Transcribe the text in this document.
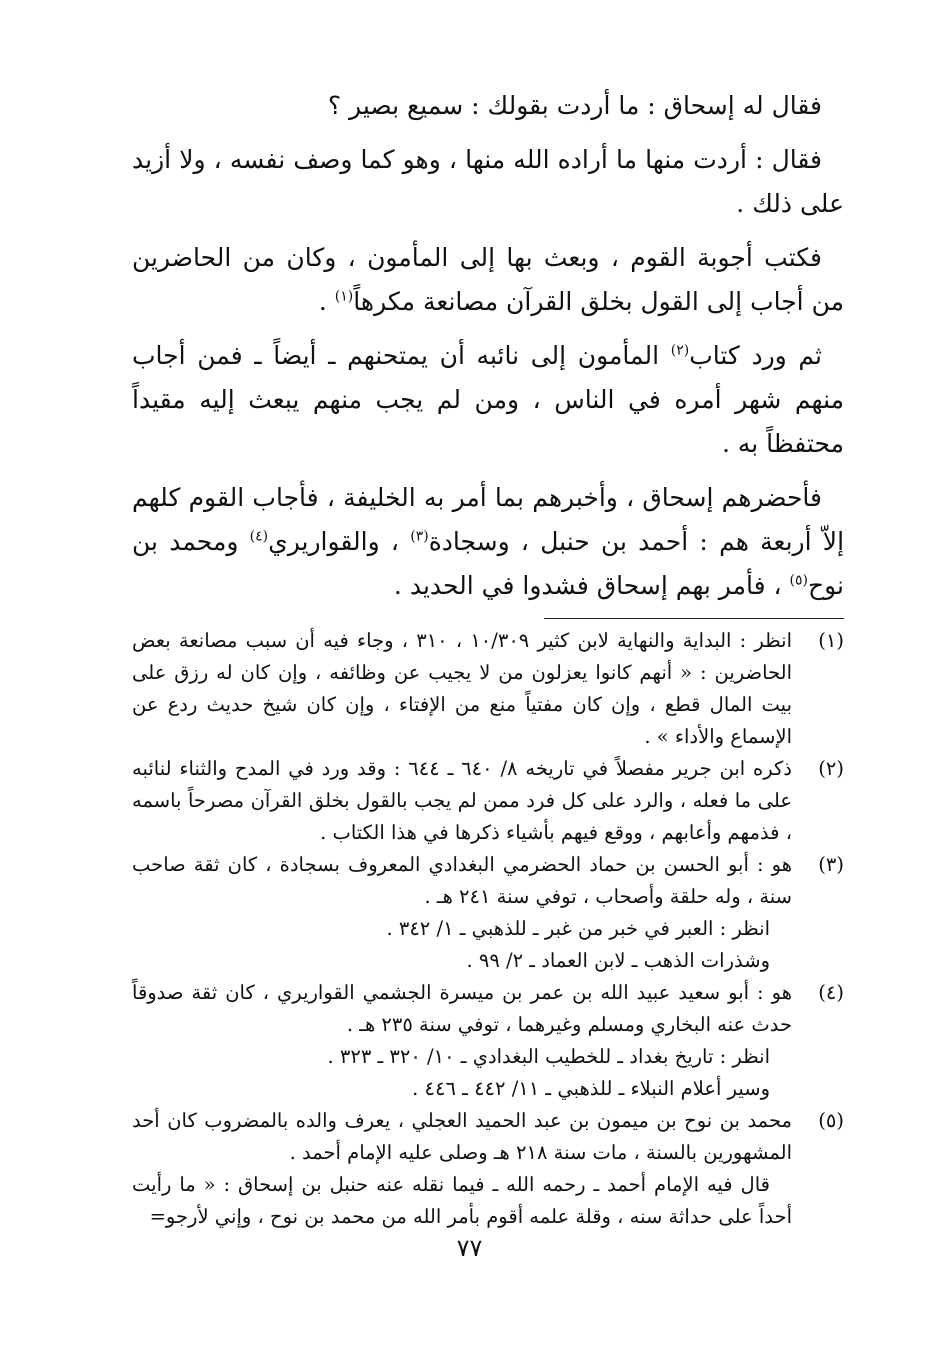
فقال له إسحاق : ما أردت بقولك : سميع بصير ؟

فقال : أردت منها ما أراده الله منها ، وهو كما وصف نفسه ، ولا أزيد على ذلك .

فكتب أجوبة القوم ، وبعث بها إلى المأمون ، وكان من الحاضرين من أجاب إلى القول بخلق القرآن مصانعة مكرهاً$^{(١)}$ .

ثم ورد كتاب$^{(٢)}$ المأمون إلى نائبه أن يمتحنهم ـ أيضاً ـ فمن أجاب منهم شهر أمره في الناس ، ومن لم يجب منهم يبعث إليه مقيداً محتفظاً به .

فأحضرهم إسحاق ، وأخبرهم بما أمر به الخليفة ، فأجاب القوم كلهم إلاّ أربعة هم : أحمد بن حنبل ، وسجادة$^{(٣)}$ ، والقواريري$^{(٤)}$ ومحمد بن نوح$^{(٥)}$ ، فأمر بهم إسحاق فشدوا في الحديد .

(١)

انظر : البداية والنهاية لابن كثير ١٠/٣٠٩ ، ٣١٠ ، وجاء فيه أن سبب مصانعة بعض الحاضرين : « أنهم كانوا يعزلون من لا يجيب عن وظائفه ، وإن كان له رزق على بيت المال قطع ، وإن كان مفتياً منع من الإفتاء ، وإن كان شيخ حديث ردع عن الإسماع والأداء » .

(٢)

ذكره ابن جرير مفصلاً في تاريخه ٨/ ٦٤٠ ـ ٦٤٤ : وقد ورد في المدح والثناء لنائبه على ما فعله ، والرد على كل فرد ممن لم يجب بالقول بخلق القرآن مصرحاً باسمه ، فذمهم وأعابهم ، ووقع فيهم بأشياء ذكرها في هذا الكتاب .

(٣)

هو : أبو الحسن بن حماد الحضرمي البغدادي المعروف بسجادة ، كان ثقة صاحب سنة ، وله حلقة وأصحاب ، توفي سنة ٢٤١ هـ .

انظر : العبر في خبر من غبر ـ للذهبي ـ ١/ ٣٤٢ .

وشذرات الذهب ـ لابن العماد ـ ٢/ ٩٩ .

(٤)

هو : أبو سعيد عبيد الله بن عمر بن ميسرة الجشمي القواريري ، كان ثقة صدوقاً حدث عنه البخاري ومسلم وغيرهما ، توفي سنة ٢٣٥ هـ .

انظر : تاريخ بغداد ـ للخطيب البغدادي ـ ١٠/ ٣٢٠ ـ ٣٢٣ .

وسير أعلام النبلاء ـ للذهبي ـ ١١/ ٤٤٢ ـ ٤٤٦ .

(٥)

محمد بن نوح بن ميمون بن عبد الحميد العجلي ، يعرف والده بالمضروب كان أحد المشهورين بالسنة ، مات سنة ٢١٨ هـ وصلى عليه الإمام أحمد .

قال فيه الإمام أحمد ـ رحمه الله ـ فيما نقله عنه حنبل بن إسحاق : « ما رأيت أحداً على حداثة سنه ، وقلة علمه أقوم بأمر الله من محمد بن نوح ، وإني لأرجو=

٧٧
